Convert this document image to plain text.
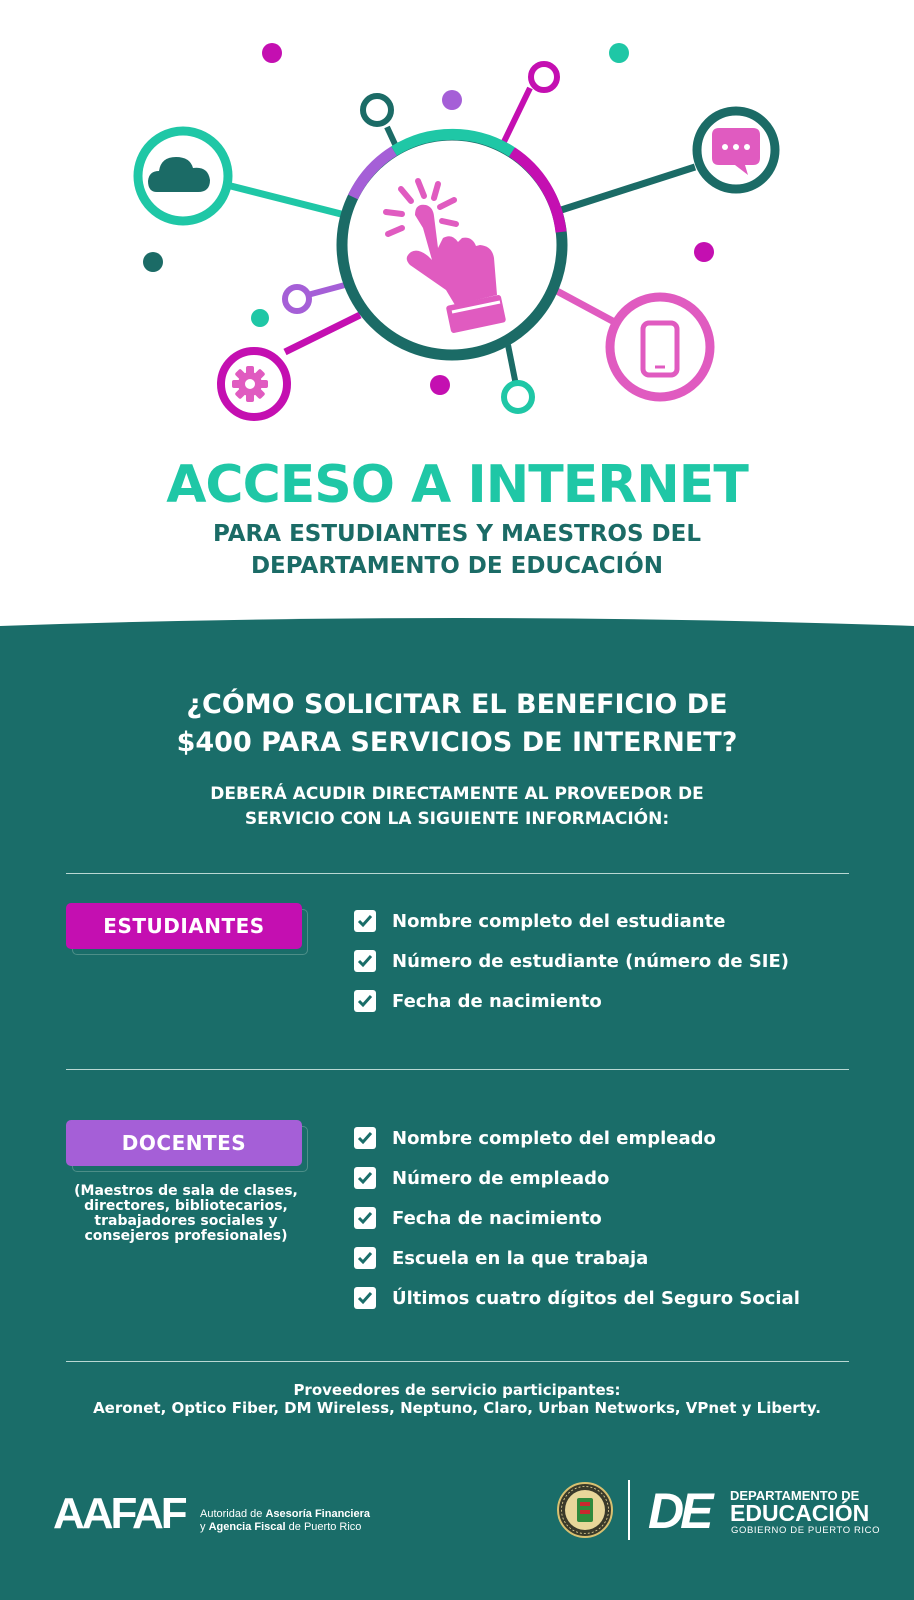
ACCESO A INTERNET
PARA ESTUDIANTES Y MAESTROS DEL
DEPARTAMENTO DE EDUCACIÓN
¿CÓMO SOLICITAR EL BENEFICIO DE
$400 PARA SERVICIOS DE INTERNET?
DEBERÁ ACUDIR DIRECTAMENTE AL PROVEEDOR DE
SERVICIO CON LA SIGUIENTE INFORMACIÓN:
ESTUDIANTES	Nombre completo del estudiante
Número de estudiante (número de SIE)
Fecha de nacimiento
DOCENTES
(Maestros de sala de clases,
directores, bibliotecarios,
trabajadores sociales y
consejeros profesionales)
Nombre completo del empleado
Número de empleado
Fecha de nacimiento
Escuela en la que trabaja
Últimos cuatro dígitos del Seguro Social
Proveedores de servicio participantes:
Aeronet, Optico Fiber, DM Wireless, Neptuno, Claro, Urban Networks, VPnet y Liberty.
AAFAF Autoridad de Asesoría Financiera
y Agencia Fiscal de Puerto Rico	DE DEPARTAMENTO DE
EDUCACIÓN
GOBIERNO DE PUERTO RICO
